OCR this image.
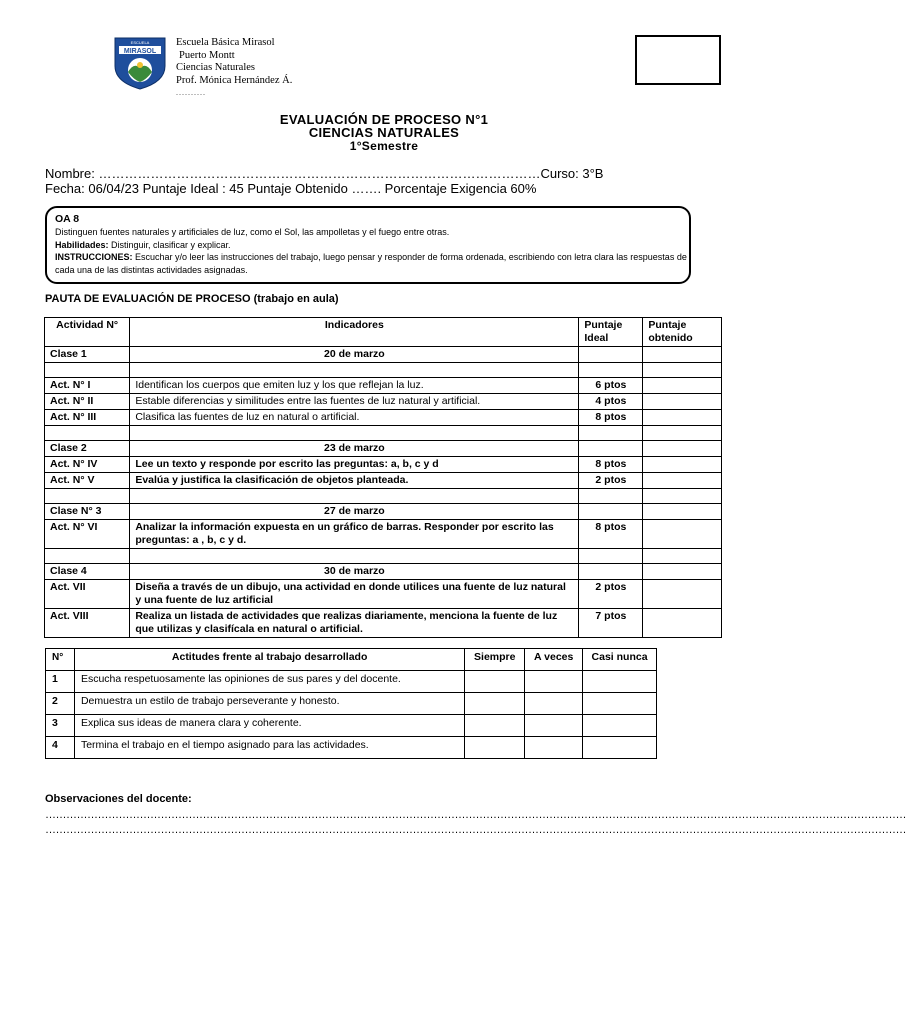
MIRASOL
ESCUELA	Escuela Básica Mirasol
Puerto Montt
Ciencias Naturales
Prof. Mónica Hernández Á.
..........
EVALUACIÓN DE PROCESO N°1
CIENCIAS NATURALES
1°Semestre
Nombre: …………………………………………………………………………………………Curso: 3°B
Fecha: 06/04/23 Puntaje Ideal : 45 Puntaje Obtenido ……. Porcentaje Exigencia 60%
OA 8
Distinguen fuentes naturales y artificiales de luz, como el Sol, las ampolletas y el fuego entre otras.
Habilidades: Distinguir, clasificar y explicar.
INSTRUCCIONES: Escuchar y/o leer las instrucciones del trabajo, luego pensar y responder de forma ordenada, escribiendo con letra clara las respuestas de cada una de las distintas actividades asignadas.
PAUTA DE EVALUACIÓN DE PROCESO (trabajo en aula)
Actividad N°	Indicadores	Puntaje Ideal	Puntaje obtenido
Clase 1	20 de marzo		

Act. N° I	Identifican los cuerpos que emiten luz y los que reflejan la luz.	6 ptos	
Act. N° II	Estable diferencias y similitudes entre las fuentes de luz natural y artificial.	4 ptos	
Act. N° III	Clasifica las fuentes de luz en natural o artificial.	8 ptos	

Clase 2	23 de marzo		
Act. N° IV	Lee un texto y responde por escrito las preguntas: a, b, c y d	8 ptos	
Act. N° V	Evalúa y justifica la clasificación de objetos planteada.	2 ptos	

Clase N° 3	27 de marzo		
Act. N° VI	Analizar la información expuesta en un gráfico de barras. Responder por escrito las preguntas: a , b, c y d.	8 ptos	

Clase 4	30 de marzo		
Act. VII	Diseña a través de un dibujo, una actividad en donde utilices una fuente de luz natural y una fuente de luz artificial	2 ptos	
Act. VIII	Realiza un listada de actividades que realizas diariamente, menciona la fuente de luz que utilizas y clasifícala en natural o artificial.	7 ptos	
N°	Actitudes frente al trabajo desarrollado	Siempre	A veces	Casi nunca
1	Escucha respetuosamente las opiniones de sus pares y del docente.			
2	Demuestra un estilo de trabajo perseverante y honesto.			
3	Explica sus ideas de manera clara y coherente.			
4	Termina el trabajo en el tiempo asignado para las actividades.			
Observaciones del docente:
…………………………………………………………………………………………………………………………………………………………………………………………………………………………
…………………………………………………………………………………………………………………………………………………………………………………………………………………………
